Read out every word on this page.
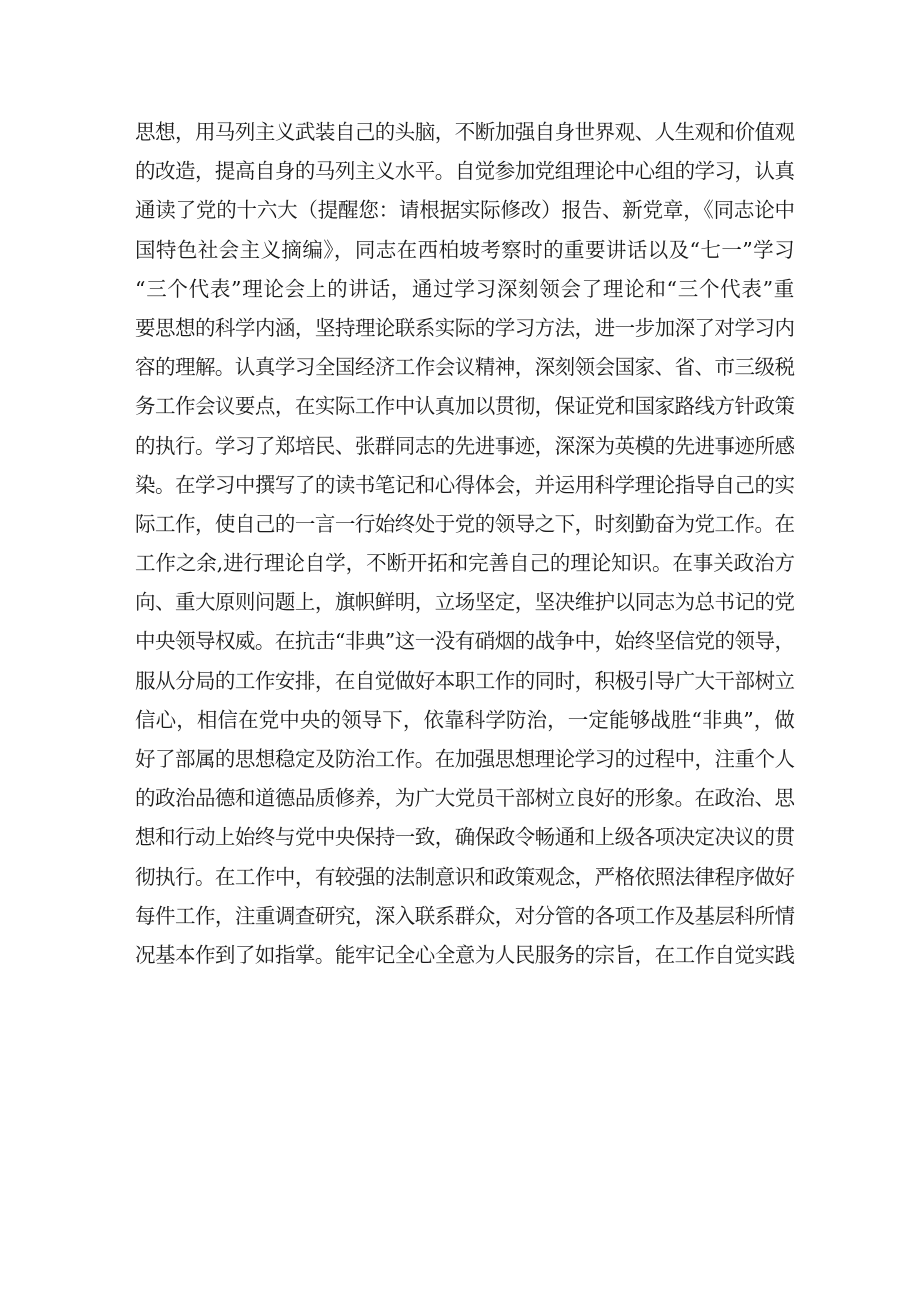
思想，用马列主义武装自己的头脑，不断加强自身世界观、人生观和价值观
的改造，提高自身的马列主义水平。自觉参加党组理论中心组的学习，认真
通读了党的十六大（提醒您：请根据实际修改）报告、新党章，《同志论中
国特色社会主义摘编》，同志在西柏坡考察时的重要讲话以及“七一”学习
“三个代表”理论会上的讲话，通过学习深刻领会了理论和“三个代表”重
要思想的科学内涵，坚持理论联系实际的学习方法，进一步加深了对学习内
容的理解。认真学习全国经济工作会议精神，深刻领会国家、省、市三级税
务工作会议要点，在实际工作中认真加以贯彻，保证党和国家路线方针政策
的执行。学习了郑培民、张群同志的先进事迹，深深为英模的先进事迹所感
染。在学习中撰写了的读书笔记和心得体会，并运用科学理论指导自己的实
际工作，使自己的一言一行始终处于党的领导之下，时刻勤奋为党工作。在
工作之余,进行理论自学，不断开拓和完善自己的理论知识。在事关政治方
向、重大原则问题上，旗帜鲜明，立场坚定，坚决维护以同志为总书记的党
中央领导权威。在抗击“非典”这一没有硝烟的战争中，始终坚信党的领导，
服从分局的工作安排，在自觉做好本职工作的同时，积极引导广大干部树立
信心，相信在党中央的领导下，依靠科学防治，一定能够战胜“非典”，做
好了部属的思想稳定及防治工作。在加强思想理论学习的过程中，注重个人
的政治品德和道德品质修养，为广大党员干部树立良好的形象。在政治、思
想和行动上始终与党中央保持一致，确保政令畅通和上级各项决定决议的贯
彻执行。在工作中，有较强的法制意识和政策观念，严格依照法律程序做好
每件工作，注重调查研究，深入联系群众，对分管的各项工作及基层科所情
况基本作到了如指掌。能牢记全心全意为人民服务的宗旨，在工作自觉实践
